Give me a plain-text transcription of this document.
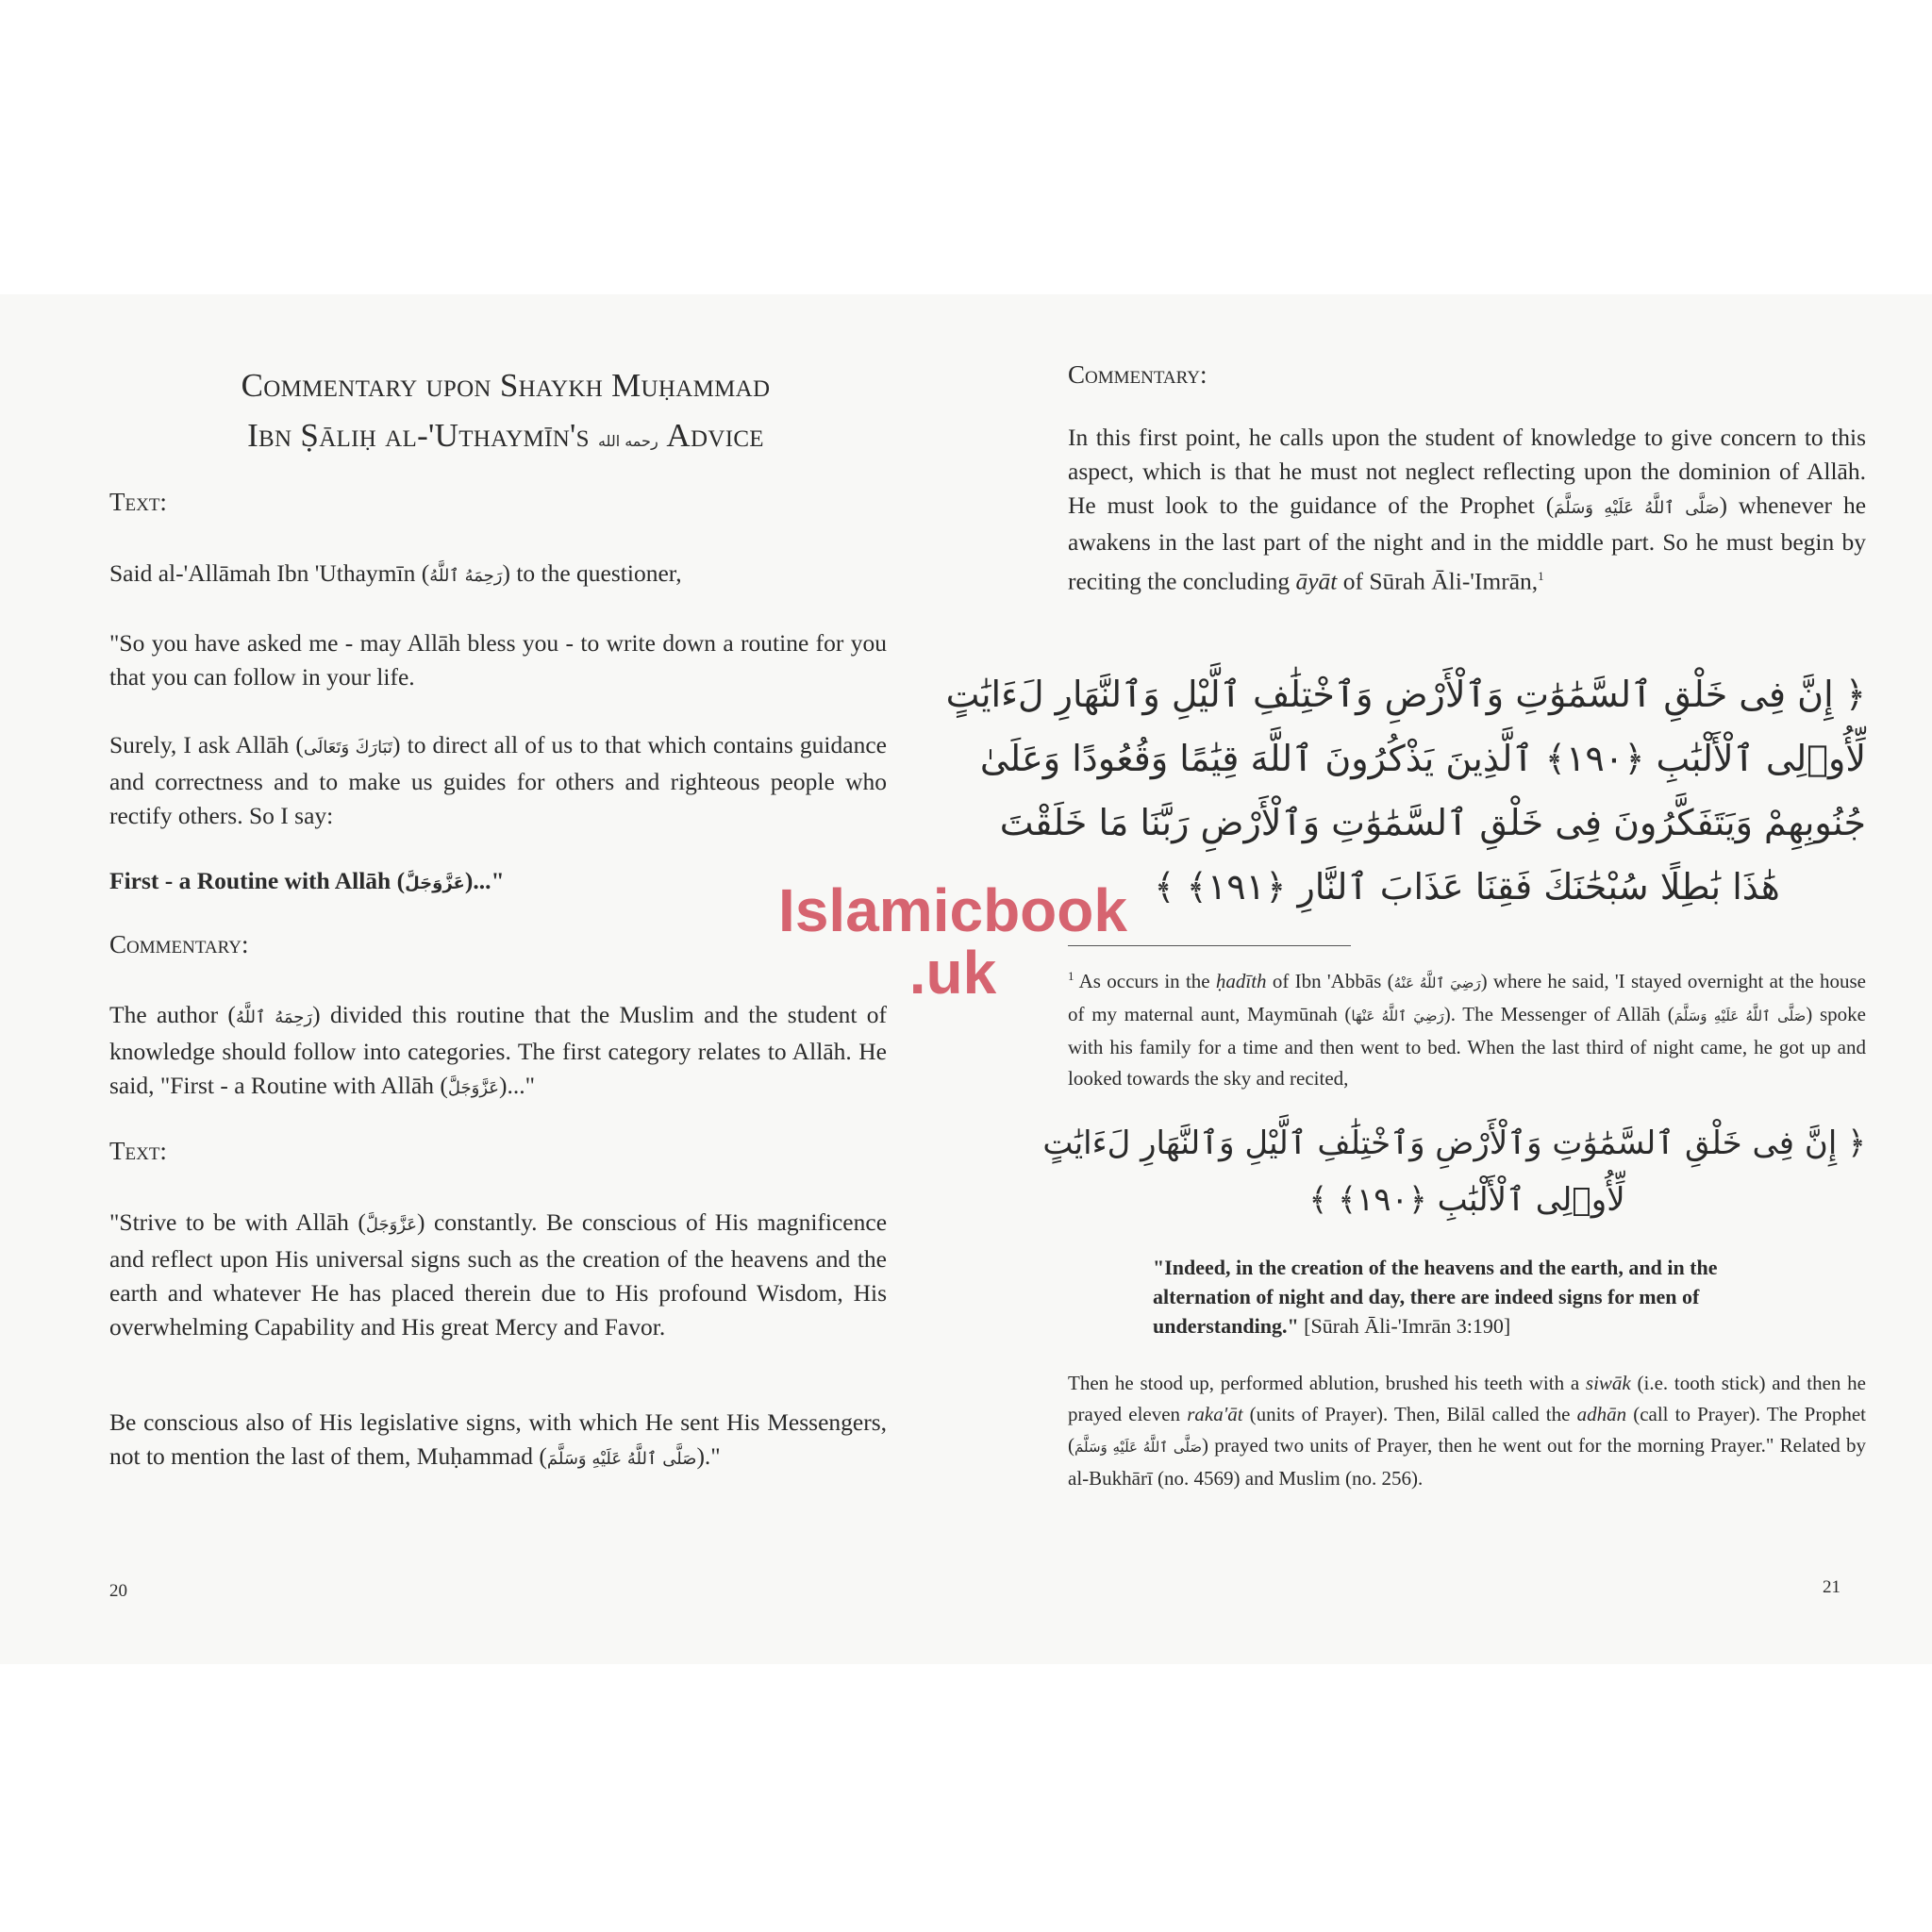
Commentary upon Shaykh Muḥammad
Ibn Ṣāliḥ al-'Uthaymīn's رحمه الله Advice
Text:

Said al-'Allāmah Ibn 'Uthaymīn (رَحِمَهُ ٱللَّهُ) to the questioner,

"So you have asked me - may Allāh bless you - to write down a routine for you that you can follow in your life.

Surely, I ask Allāh (تَبَارَكَ وَتَعَالَى) to direct all of us to that which contains guidance and correctness and to make us guides for others and righteous people who rectify others. So I say:

First - a Routine with Allāh (عَزَّوَجَلَّ)..."

Commentary:

The author (رَحِمَهُ ٱللَّهُ) divided this routine that the Muslim and the student of knowledge should follow into categories. The first category relates to Allāh. He said, "First - a Routine with Allāh (عَزَّوَجَلَّ)..."

Text:

"Strive to be with Allāh (عَزَّوَجَلَّ) constantly. Be conscious of His magnificence and reflect upon His universal signs such as the creation of the heavens and the earth and whatever He has placed therein due to His profound Wisdom, His overwhelming Capability and His great Mercy and Favor.

Be conscious also of His legislative signs, with which He sent His Messengers, not to mention the last of them, Muḥammad (صَلَّى ٱللَّهُ عَلَيْهِ وَسَلَّمَ)."

20
Commentary:

In this first point, he calls upon the student of knowledge to give concern to this aspect, which is that he must not neglect reflecting upon the dominion of Allāh. He must look to the guidance of the Prophet (صَلَّى ٱللَّهُ عَلَيْهِ وَسَلَّمَ) whenever he awakens in the last part of the night and in the middle part. So he must begin by reciting the concluding āyāt of Sūrah Āli-'Imrān,$^1$

﴿ إِنَّ فِى خَلْقِ ٱلسَّمَٰوَٰتِ وَٱلْأَرْضِ وَٱخْتِلَٰفِ ٱلَّيْلِ وَٱلنَّهَارِ لَءَايَٰتٍ
لِّأُو۟لِى ٱلْأَلْبَٰبِ ﴿١٩٠﴾ ٱلَّذِينَ يَذْكُرُونَ ٱللَّهَ قِيَٰمًا وَقُعُودًا وَعَلَىٰ
جُنُوبِهِمْ وَيَتَفَكَّرُونَ فِى خَلْقِ ٱلسَّمَٰوَٰتِ وَٱلْأَرْضِ رَبَّنَا مَا خَلَقْتَ
هَٰذَا بَٰطِلًا سُبْحَٰنَكَ فَقِنَا عَذَابَ ٱلنَّارِ ﴿١٩١﴾ ﴾

$^1$ As occurs in the ḥadīth of Ibn 'Abbās (رَضِيَ ٱللَّهُ عَنْهُ) where he said, 'I stayed overnight at the house of my maternal aunt, Maymūnah (رَضِيَ ٱللَّهُ عَنْهَا). The Messenger of Allāh (صَلَّى ٱللَّهُ عَلَيْهِ وَسَلَّمَ) spoke with his family for a time and then went to bed. When the last third of night came, he got up and looked towards the sky and recited,

﴿ إِنَّ فِى خَلْقِ ٱلسَّمَٰوَٰتِ وَٱلْأَرْضِ وَٱخْتِلَٰفِ ٱلَّيْلِ وَٱلنَّهَارِ لَءَايَٰتٍ
لِّأُو۟لِى ٱلْأَلْبَٰبِ ﴿١٩٠﴾ ﴾

"Indeed, in the creation of the heavens and the earth, and in the alternation of night and day, there are indeed signs for men of understanding." [Sūrah Āli-'Imrān 3:190]

Then he stood up, performed ablution, brushed his teeth with a siwāk (i.e. tooth stick) and then he prayed eleven raka'āt (units of Prayer). Then, Bilāl called the adhān (call to Prayer). The Prophet (صَلَّى ٱللَّهُ عَلَيْهِ وَسَلَّمَ) prayed two units of Prayer, then he went out for the morning Prayer." Related by al-Bukhārī (no. 4569) and Muslim (no. 256).

21
Islamicbook
.uk
